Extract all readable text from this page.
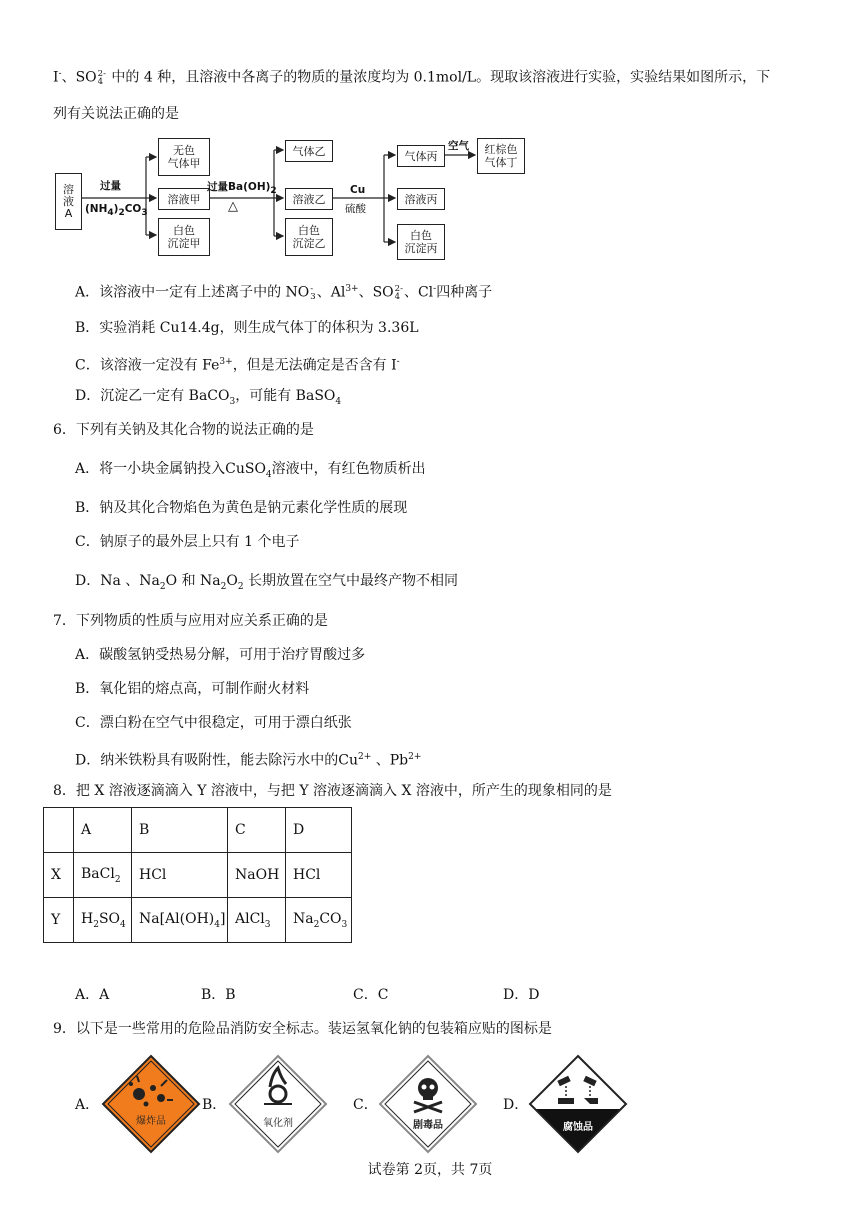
I-、SO 2-
4 中的 4 种，且溶液中各离子的物质的量浓度均为 0.1mol/L。现取该溶液进行实验，实验结果如图所示，下
列有关说法正确的是
溶
液
A
过量
$(NH_4)_2CO_3$
无色
气体甲
溶液甲
白色
沉淀甲
过量$Ba(OH)_2$
△
气体乙
溶液乙
白色
沉淀乙
Cu
硫酸
气体丙
空气 红棕色
气体丁
溶液丙
白色
沉淀丙
A．该溶液中一定有上述离子中的 NO -
3 、$Al^{3+}$、SO 2-
4 、Cl-四种离子
B．实验消耗 Cu14.4g，则生成气体丁的体积为 3.36L
C．该溶液一定没有 $Fe^{3+}$，但是无法确定是否含有 I-
D．沉淀乙一定有 BaCO$_3$，可能有 BaSO$_4$
6．下列有关钠及其化合物的说法正确的是
A．将一小块金属钠投入CuSO$_4$溶液中，有红色物质析出
B．钠及其化合物焰色为黄色是钠元素化学性质的展现
C．钠原子的最外层上只有 1 个电子
D．Na 、$Na_2O$ 和 $Na_2O_2$ 长期放置在空气中最终产物不相同
7．下列物质的性质与应用对应关系正确的是
A．碳酸氢钠受热易分解，可用于治疗胃酸过多
B．氧化铝的熔点高，可制作耐火材料
C．漂白粉在空气中很稳定，可用于漂白纸张
D．纳米铁粉具有吸附性，能去除污水中的$Cu^{2+}$ 、$Pb^{2+}$
8．把 X 溶液逐滴滴入 Y 溶液中，与把 Y 溶液逐滴滴入 X 溶液中，所产生的现象相同的是
	A	B	C	D
X	BaCl$_2$	HCl	NaOH	HCl
Y	$H_2SO_4$	$Na[Al(OH)_4]$	AlCl$_3$	$Na_2CO_3$
A．A	B．B	C．C	D．D
9．以下是一些常用的危险品消防安全标志。装运氢氧化钠的包装箱应贴的图标是
A．
爆炸品
B．
氧化剂
C．
剧毒品
D．
腐蚀品
试卷第 2页，共 7页
